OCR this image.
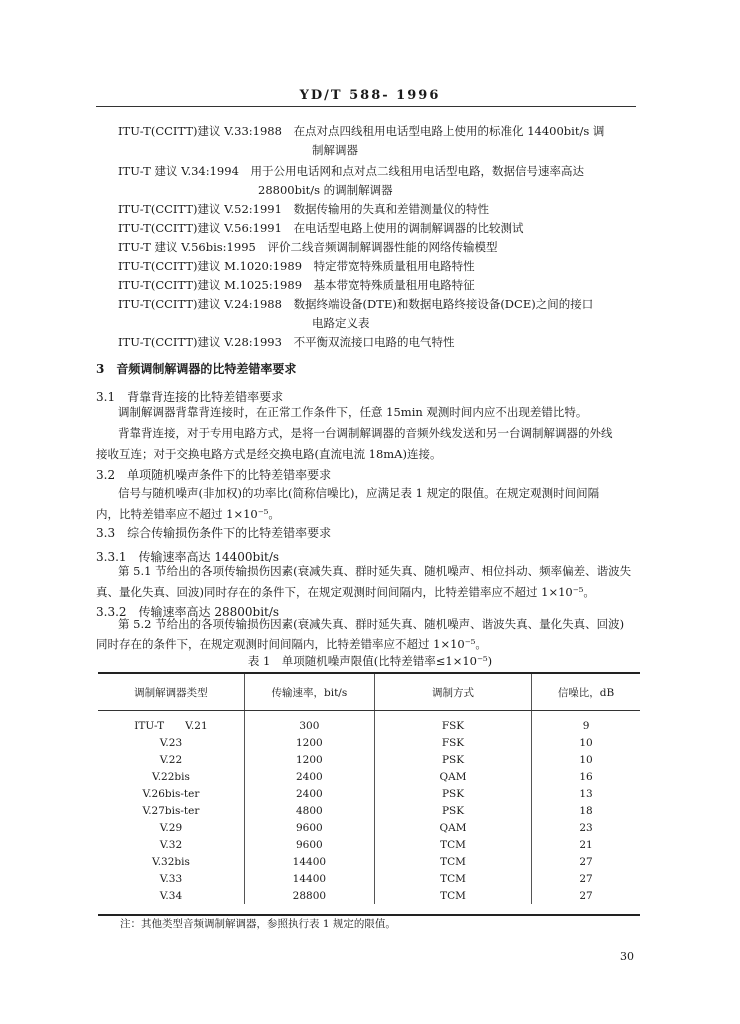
YD/T 588- 1996
ITU-T(CCITT)建议 V.33:1988 在点对点四线租用电话型电路上使用的标准化 14400bit/s 调
制解调器
ITU-T 建议 V.34:1994 用于公用电话网和点对点二线租用电话型电路，数据信号速率高达
28800bit/s 的调制解调器
ITU-T(CCITT)建议 V.52:1991 数据传输用的失真和差错测量仪的特性
ITU-T(CCITT)建议 V.56:1991 在电话型电路上使用的调制解调器的比较测试
ITU-T 建议 V.56bis:1995 评价二线音频调制解调器性能的网络传输模型
ITU-T(CCITT)建议 M.1020:1989 特定带宽特殊质量租用电路特性
ITU-T(CCITT)建议 M.1025:1989 基本带宽特殊质量租用电路特征
ITU-T(CCITT)建议 V.24:1988 数据终端设备(DTE)和数据电路终接设备(DCE)之间的接口
电路定义表
ITU-T(CCITT)建议 V.28:1993 不平衡双流接口电路的电气特性
3　音频调制解调器的比特差错率要求
3.1　背靠背连接的比特差错率要求
调制解调器背靠背连接时，在正常工作条件下，任意 15min 观测时间内应不出现差错比特。
背靠背连接，对于专用电路方式，是将一台调制解调器的音频外线发送和另一台调制解调器的外线
接收互连；对于交换电路方式是经交换电路(直流电流 18mA)连接。
3.2　单项随机噪声条件下的比特差错率要求
信号与随机噪声(非加权)的功率比(简称信噪比)，应满足表 1 规定的限值。在规定观测时间间隔
内，比特差错率应不超过 1×10⁻⁵。
3.3　综合传输损伤条件下的比特差错率要求
3.3.1　传输速率高达 14400bit/s
第 5.1 节给出的各项传输损伤因素(衰减失真、群时延失真、随机噪声、相位抖动、频率偏差、谐波失
真、量化失真、回波)同时存在的条件下，在规定观测时间间隔内，比特差错率应不超过 1×10⁻⁵。
3.3.2　传输速率高达 28800bit/s
第 5.2 节给出的各项传输损伤因素(衰减失真、群时延失真、随机噪声、谐波失真、量化失真、回波)
同时存在的条件下，在规定观测时间间隔内，比特差错率应不超过 1×10⁻⁵。
表 1　单项随机噪声限值(比特差错率≤1×10⁻⁵)
调制解调器类型	传输速率，bit/s	调制方式	信噪比，dB
ITU-T　　V.21	300	FSK	9
V.23	1200	FSK	10
V.22	1200	PSK	10
V.22bis	2400	QAM	16
V.26bis-ter	2400	PSK	13
V.27bis-ter	4800	PSK	18
V.29	9600	QAM	23
V.32	9600	TCM	21
V.32bis	14400	TCM	27
V.33	14400	TCM	27
V.34	28800	TCM	27
注：其他类型音频调制解调器，参照执行表 1 规定的限值。
30
